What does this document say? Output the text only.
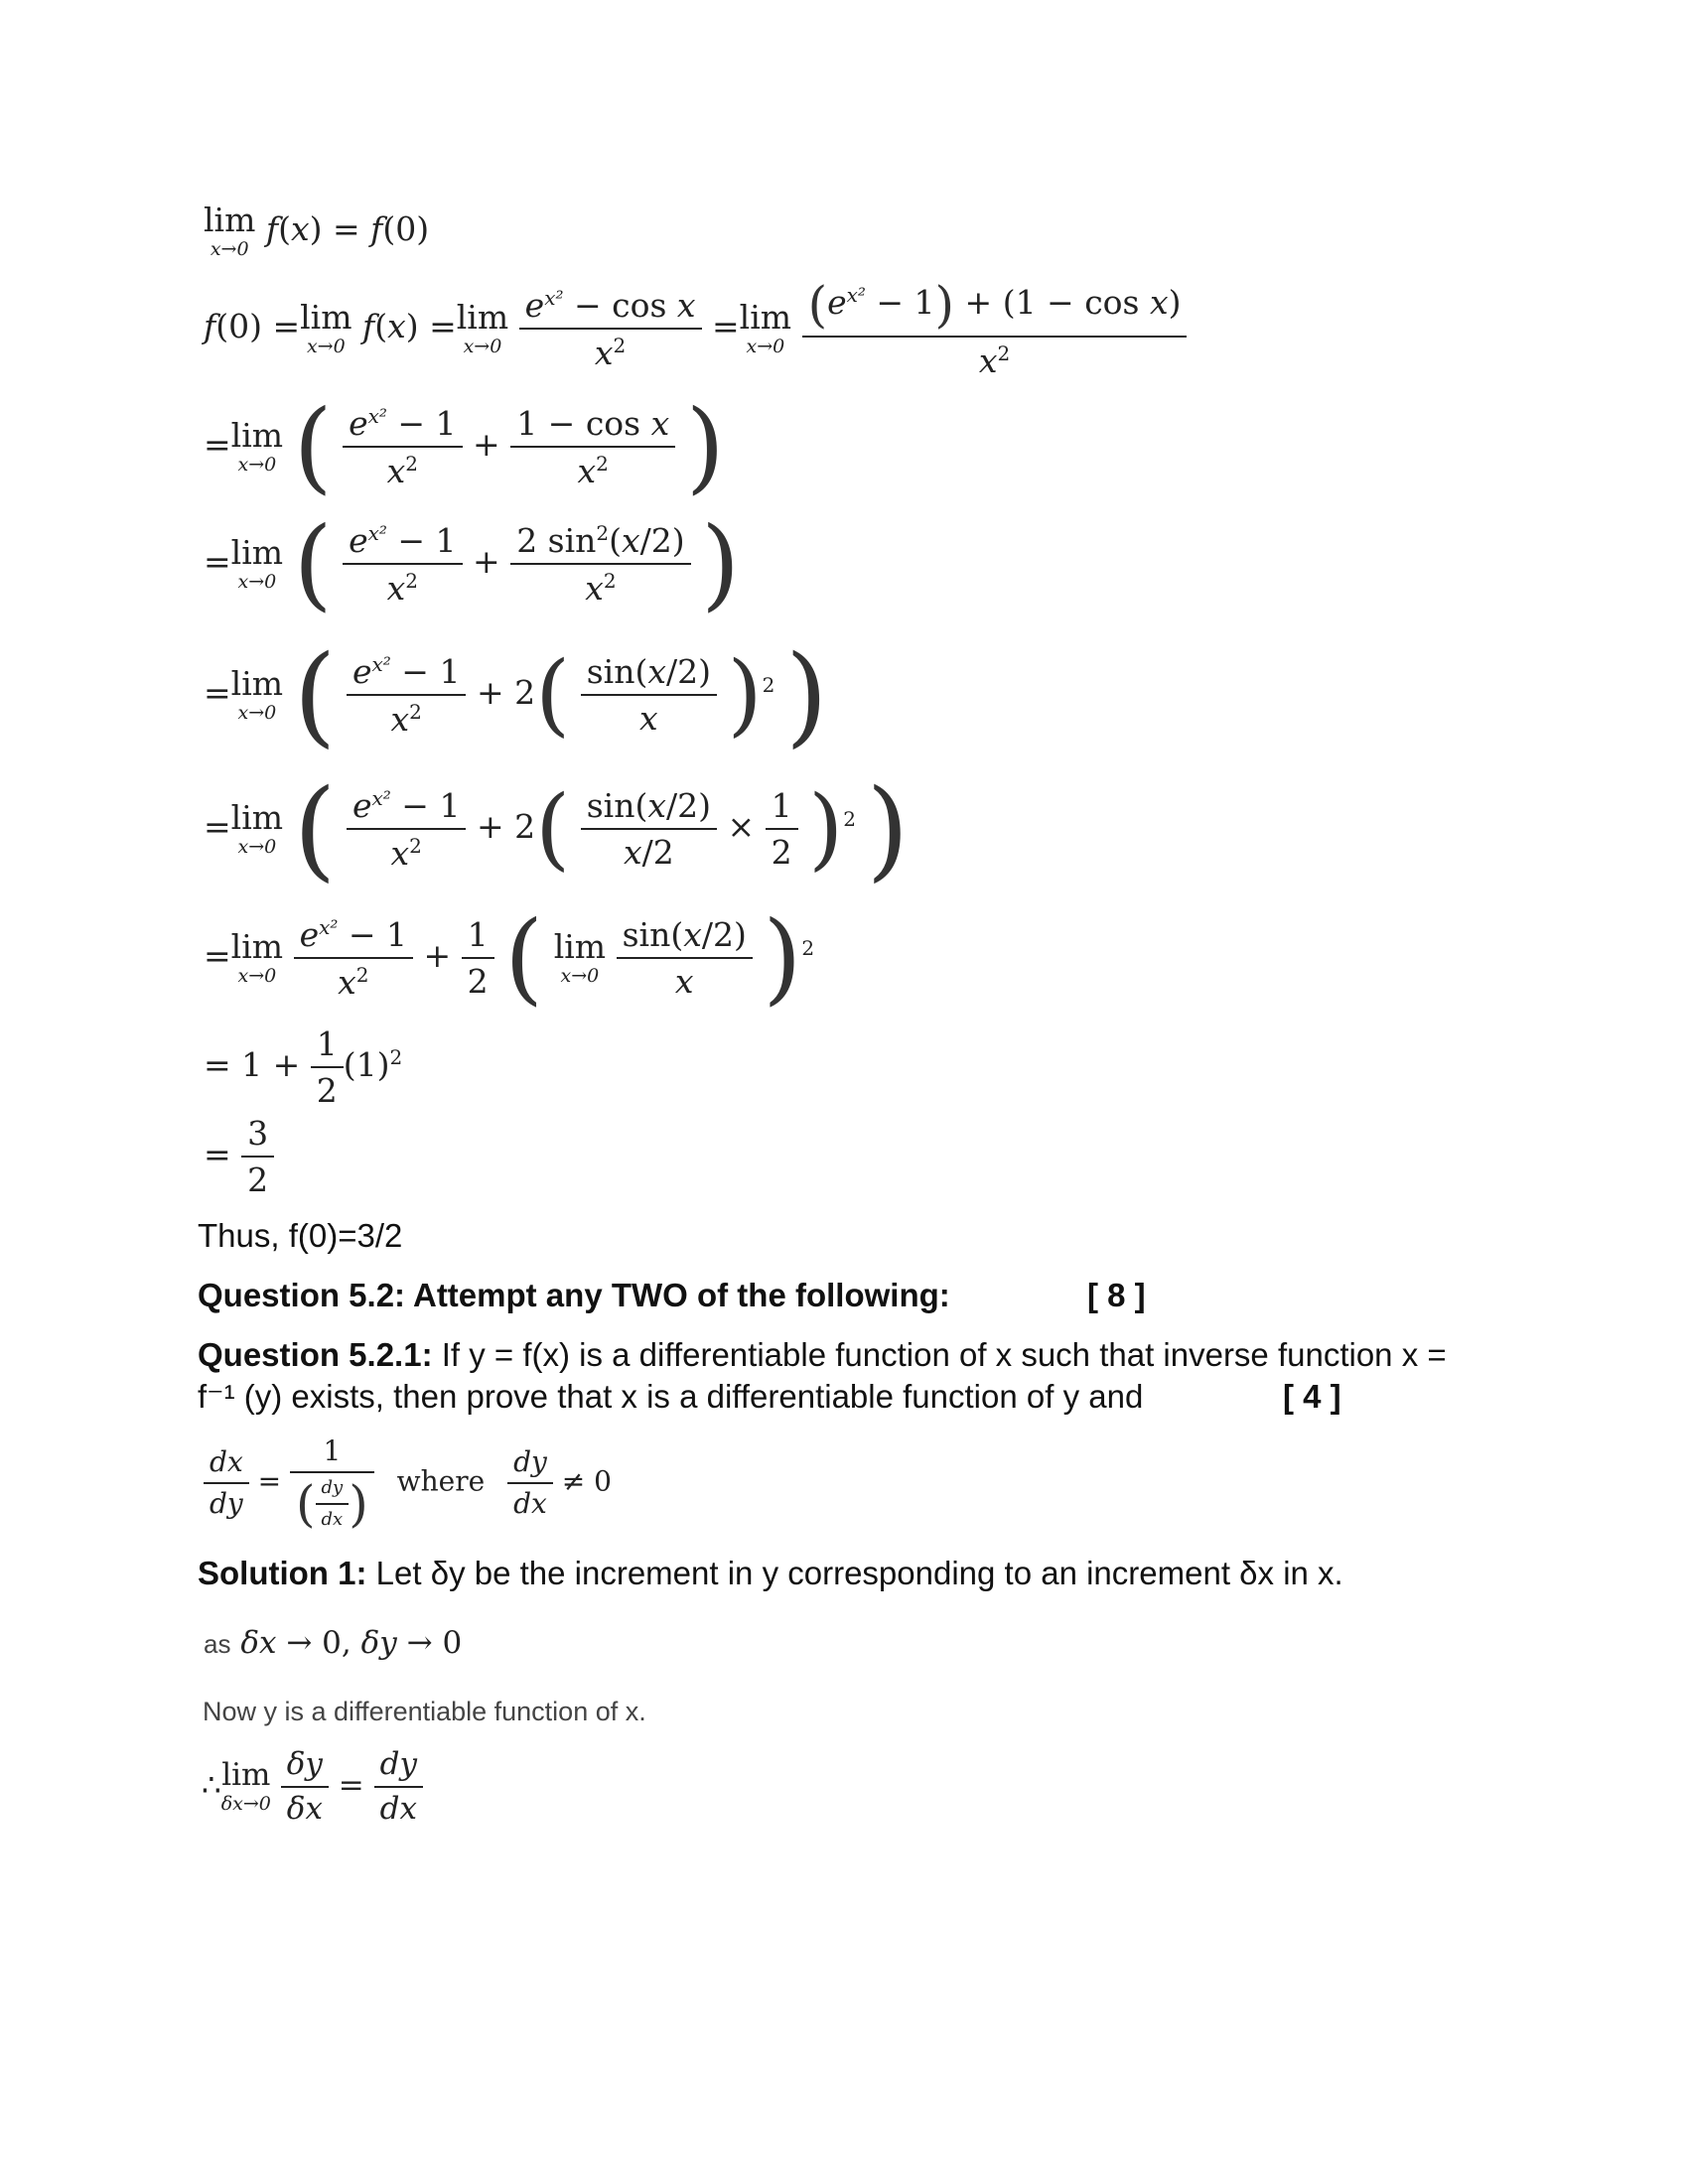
lim
x→0
f(x) = f(0)
f(0) = lim
x→0
f(x) = lim
x→0
$\frac{e^{x^2} - \cos x}{x^2} = \lim$
x→0
$\frac{(e^{x^2} - 1) + (1 - \cos x)}{x^2}$
= lim
x→0 ( $\frac{e^{x^2} - 1}{x^2} + \frac{\text{1 − cos x}}{x^2}$ )
= lim
x→0 ( $\frac{e^{x^2} - 1}{x^2} + \frac{2 \sin^2(x/2)}{x^2}$ )
= lim
x→0 ( $\frac{e^{x^2} - 1}{x^2} + 2( \frac{\sin(x/2)}{x} )^2$ )
= lim
x→0 ( $\frac{e^{x^2} - 1}{x^2} + 2( \frac{\sin(x/2)}{x/2} \times \frac{1}{2} )^2$ )
= lim
x→0
$\frac{e^{x^2} - 1}{x^2} + \frac{1}{2}$ ( lim
x→0
$\frac{\sin(x/2)}{x} )^2$
= $1 + \frac{1}{2} (1)^2$
= $\frac{3}{2}$
Thus, f(0)=3/2
Question 5.2: Attempt any TWO of the following:	[ 8 ]
Question 5.2.1: If y = f(x) is a differentiable function of x such that inverse function x =
f⁻¹ (y) exists, then prove that x is a differentiable function of y and	[ 4 ]
$\frac{dx}{dy}$ =
1
( $\frac{dy}{dx}$ ) where $\frac{dy}{dx} \ne 0$
Solution 1: Let δy be the increment in y corresponding to an increment δx in x.
as δx → 0, δy → 0
Now y is a differentiable function of x.
∴ lim
δx→0
$\frac{\delta y}{\delta x} = \frac{dy}{dx}$
